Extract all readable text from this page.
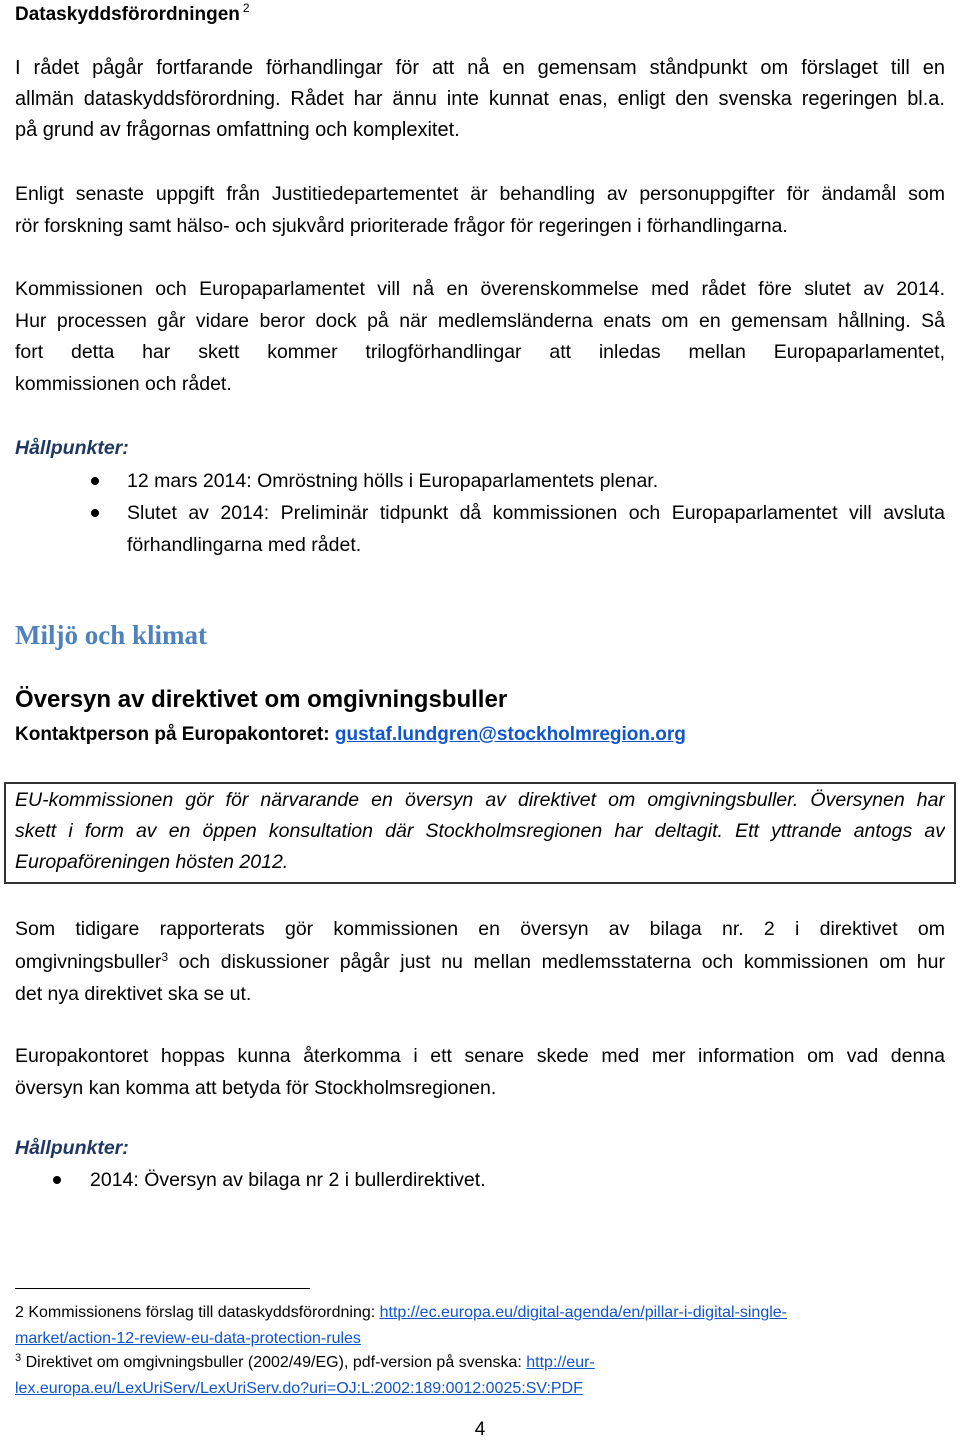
Dataskyddsförordningen $^2$
I rådet pågår fortfarande förhandlingar för att nå en gemensam ståndpunkt om förslaget till en
allmän dataskyddsförordning. Rådet har ännu inte kunnat enas, enligt den svenska regeringen bl.a.
på grund av frågornas omfattning och komplexitet.
Enligt senaste uppgift från Justitiedepartementet är behandling av personuppgifter för ändamål som
rör forskning samt hälso- och sjukvård prioriterade frågor för regeringen i förhandlingarna.
Kommissionen och Europaparlamentet vill nå en överenskommelse med rådet före slutet av 2014.
Hur processen går vidare beror dock på när medlemsländerna enats om en gemensam hållning. Så
fort detta har skett kommer trilogförhandlingar att inledas mellan Europaparlamentet,
kommissionen och rådet.
Hållpunkter:
12 mars 2014: Omröstning hölls i Europaparlamentets plenar.
Slutet av 2014: Preliminär tidpunkt då kommissionen och Europaparlamentet vill avsluta
förhandlingarna med rådet.
Miljö och klimat
Översyn av direktivet om omgivningsbuller
Kontaktperson på Europakontoret: gustaf.lundgren@stockholmregion.org
EU-kommissionen gör för närvarande en översyn av direktivet om omgivningsbuller. Översynen har
skett i form av en öppen konsultation där Stockholmsregionen har deltagit. Ett yttrande antogs av
Europaföreningen hösten 2012.
Som tidigare rapporterats gör kommissionen en översyn av bilaga nr. 2 i direktivet om
omgivningsbuller$^3$ och diskussioner pågår just nu mellan medlemsstaterna och kommissionen om hur
det nya direktivet ska se ut.
Europakontoret hoppas kunna återkomma i ett senare skede med mer information om vad denna
översyn kan komma att betyda för Stockholmsregionen.
Hållpunkter:
2014: Översyn av bilaga nr 2 i bullerdirektivet.
2 Kommissionens förslag till dataskyddsförordning: http://ec.europa.eu/digital-agenda/en/pillar-i-digital-single-
market/action-12-review-eu-data-protection-rules
$^3$ Direktivet om omgivningsbuller (2002/49/EG), pdf-version på svenska: http://eur-
lex.europa.eu/LexUriServ/LexUriServ.do?uri=OJ:L:2002:189:0012:0025:SV:PDF
4
